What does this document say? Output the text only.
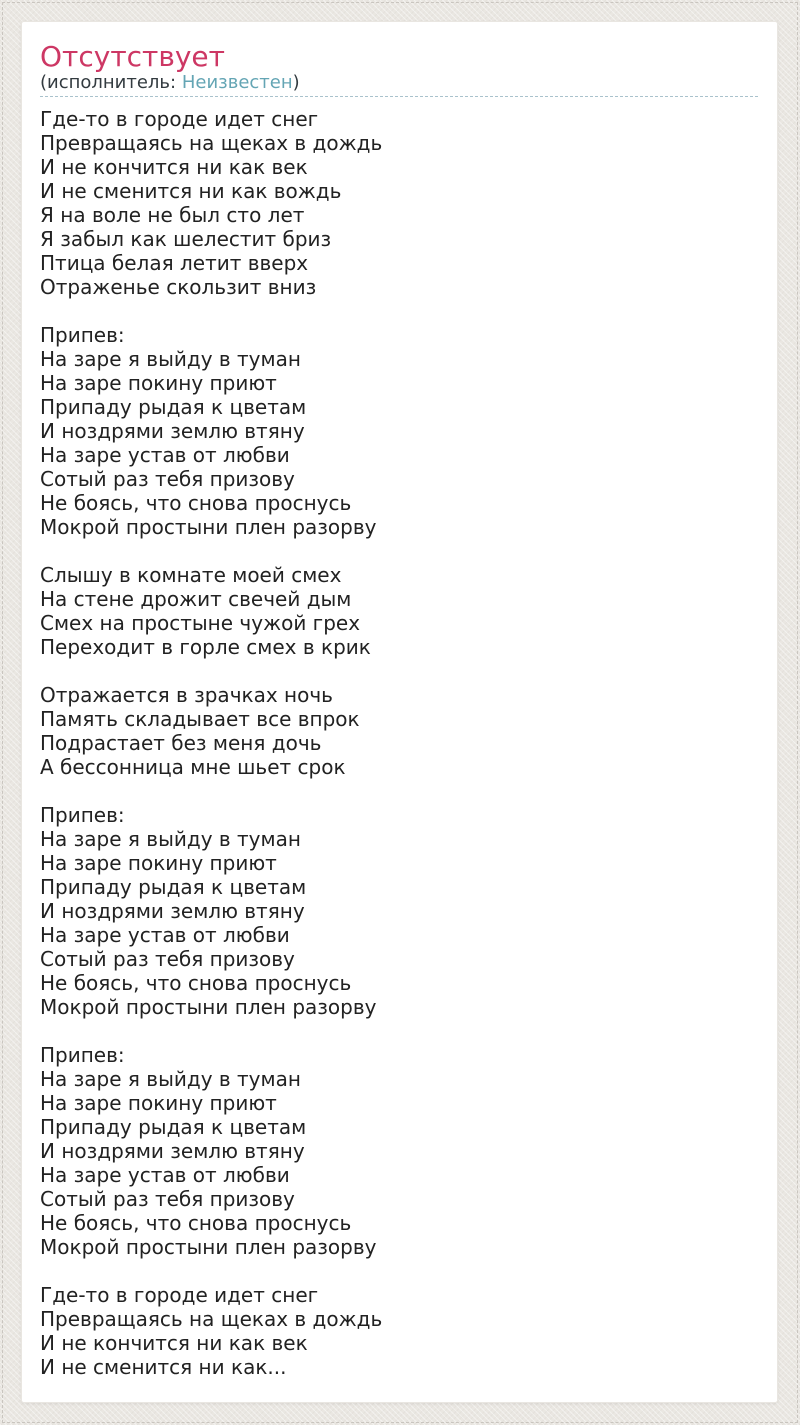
Отсутствует
(исполнитель: Неизвестен)
Где-то в городе идет снег
Превращаясь на щеках в дождь
И не кончится ни как век
И не сменится ни как вождь
Я на воле не был сто лет
Я забыл как шелестит бриз
Птица белая летит вверх
Отраженье скользит вниз

Припев:
На заре я выйду в туман
На заре покину приют
Припаду рыдая к цветам
И ноздрями землю втяну
На заре устав от любви
Сотый раз тебя призову
Не боясь, что снова проснусь
Мокрой простыни плен разорву

Слышу в комнате моей смех
На стене дрожит свечей дым
Смех на простыне чужой грех
Переходит в горле смех в крик

Отражается в зрачках ночь
Память складывает все впрок
Подрастает без меня дочь
А бессонница мне шьет срок

Припев:
На заре я выйду в туман
На заре покину приют
Припаду рыдая к цветам
И ноздрями землю втяну
На заре устав от любви
Сотый раз тебя призову
Не боясь, что снова проснусь
Мокрой простыни плен разорву

Припев:
На заре я выйду в туман
На заре покину приют
Припаду рыдая к цветам
И ноздрями землю втяну
На заре устав от любви
Сотый раз тебя призову
Не боясь, что снова проснусь
Мокрой простыни плен разорву

Где-то в городе идет снег
Превращаясь на щеках в дождь
И не кончится ни как век
И не сменится ни как...
